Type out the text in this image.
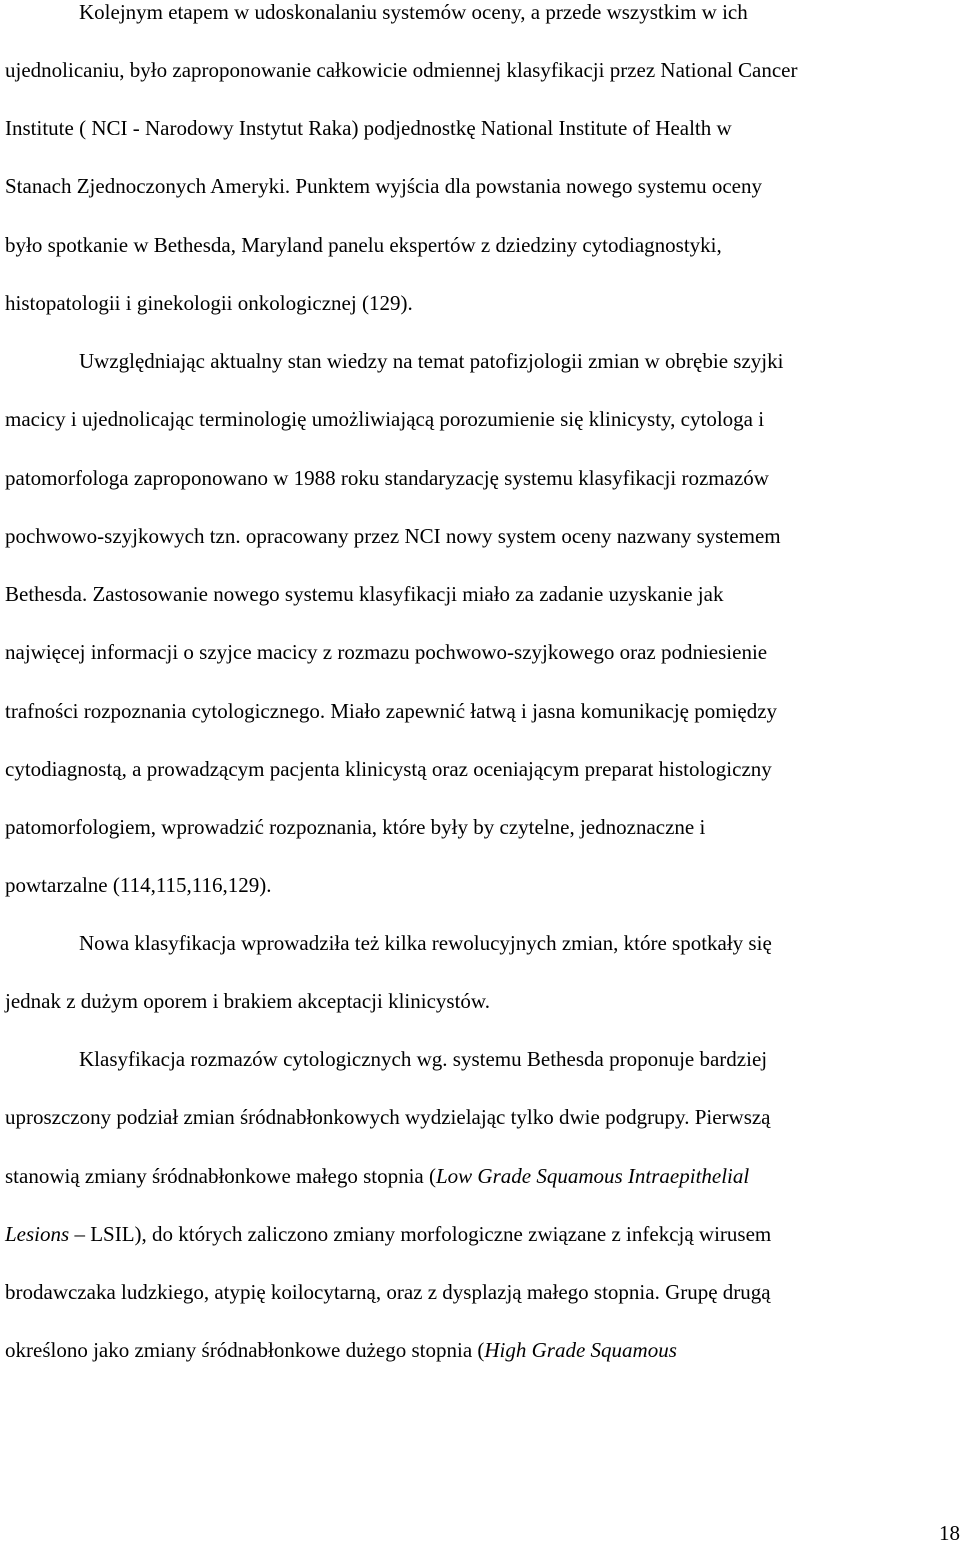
Kolejnym etapem w udoskonalaniu systemów oceny, a przede wszystkim w ich
ujednolicaniu, było zaproponowanie całkowicie odmiennej klasyfikacji przez National Cancer
Institute ( NCI - Narodowy Instytut Raka) podjednostkę National Institute of Health w
Stanach Zjednoczonych Ameryki. Punktem wyjścia dla powstania nowego systemu oceny
było spotkanie w Bethesda, Maryland panelu ekspertów z dziedziny cytodiagnostyki,
histopatologii i ginekologii onkologicznej (129).
Uwzględniając aktualny stan wiedzy na temat patofizjologii zmian w obrębie szyjki
macicy i ujednolicając terminologię umożliwiającą porozumienie się klinicysty, cytologa i
patomorfologa zaproponowano w 1988 roku standaryzację systemu klasyfikacji rozmazów
pochwowo-szyjkowych tzn. opracowany przez NCI nowy system oceny nazwany systemem
Bethesda. Zastosowanie nowego systemu klasyfikacji miało za zadanie uzyskanie jak
najwięcej informacji o szyjce macicy z rozmazu pochwowo-szyjkowego oraz podniesienie
trafności rozpoznania cytologicznego. Miało zapewnić łatwą i jasna komunikację pomiędzy
cytodiagnostą, a prowadzącym pacjenta klinicystą oraz oceniającym preparat histologiczny
patomorfologiem, wprowadzić rozpoznania, które były by czytelne, jednoznaczne i
powtarzalne (114,115,116,129).
Nowa klasyfikacja wprowadziła też kilka rewolucyjnych zmian, które spotkały się
jednak z dużym oporem i brakiem akceptacji klinicystów.
Klasyfikacja rozmazów cytologicznych wg. systemu Bethesda proponuje bardziej
uproszczony podział zmian śródnabłonkowych wydzielając tylko dwie podgrupy. Pierwszą
stanowią zmiany śródnabłonkowe małego stopnia (Low Grade Squamous Intraepithelial
Lesions – LSIL), do których zaliczono zmiany morfologiczne związane z infekcją wirusem
brodawczaka ludzkiego, atypię koilocytarną, oraz z dysplazją małego stopnia. Grupę drugą
określono jako zmiany śródnabłonkowe dużego stopnia (High Grade Squamous
18
